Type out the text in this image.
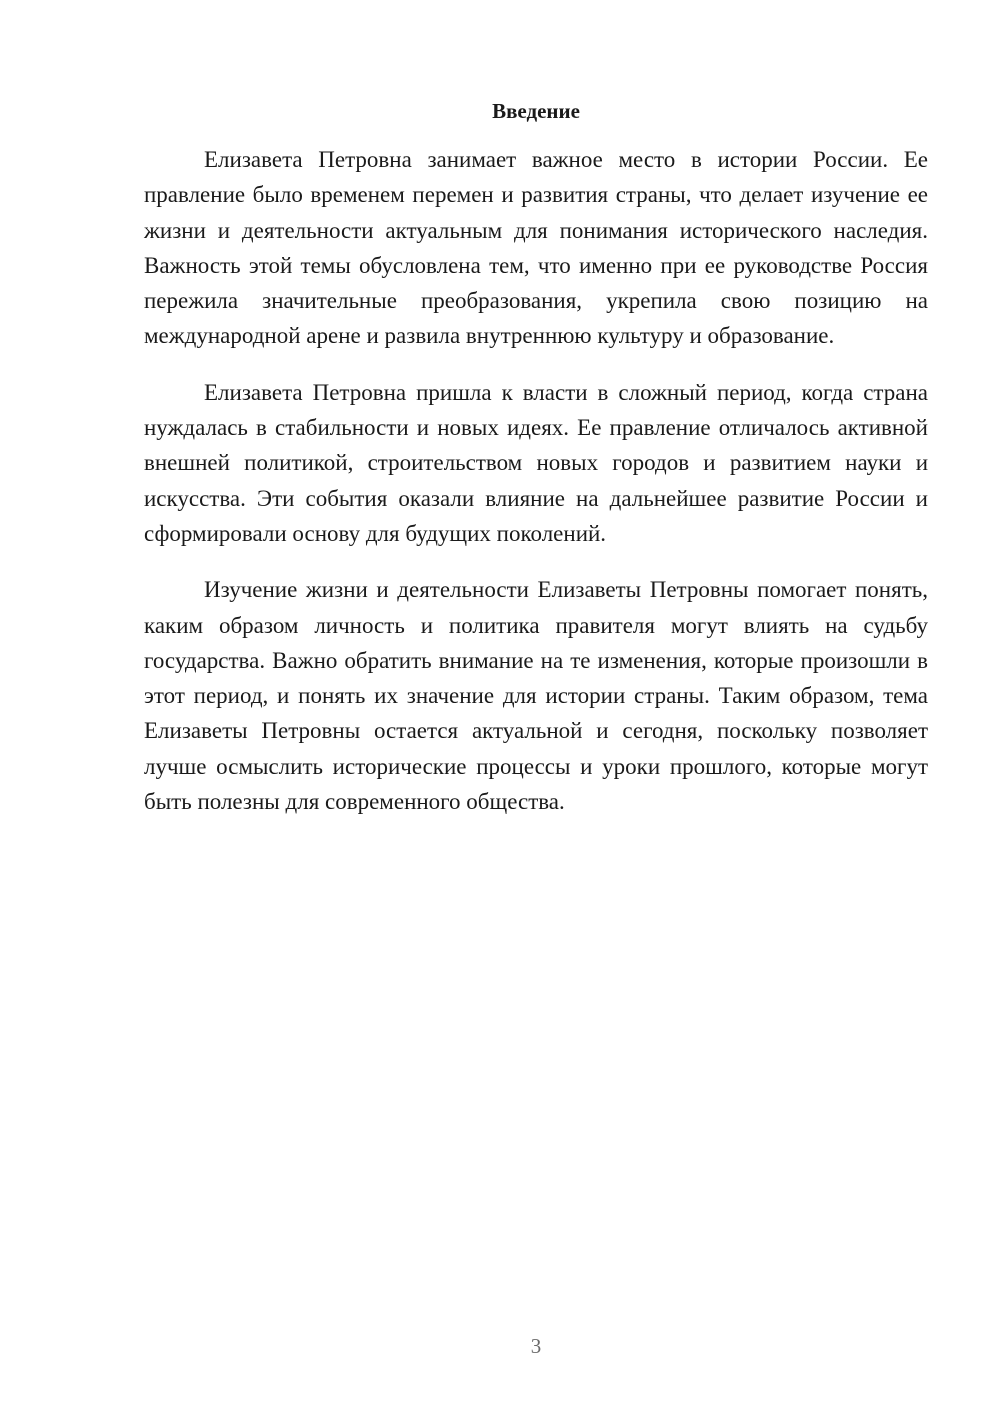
Введение

Елизавета Петровна занимает важное место в истории России. Ее правление было временем перемен и развития страны, что делает изучение ее жизни и деятельности актуальным для понимания исторического наследия. Важность этой темы обусловлена тем, что именно при ее руководстве Россия пережила значительные преобразования, укрепила свою позицию на международной арене и развила внутреннюю культуру и образование.

Елизавета Петровна пришла к власти в сложный период, когда страна нуждалась в стабильности и новых идеях. Ее правление отличалось активной внешней политикой, строительством новых городов и развитием науки и искусства. Эти события оказали влияние на дальнейшее развитие России и сформировали основу для будущих поколений.

Изучение жизни и деятельности Елизаветы Петровны помогает понять, каким образом личность и политика правителя могут влиять на судьбу государства. Важно обратить внимание на те изменения, которые произошли в этот период, и понять их значение для истории страны. Таким образом, тема Елизаветы Петровны остается актуальной и сегодня, поскольку позволяет лучше осмыслить исторические процессы и уроки прошлого, которые могут быть полезны для современного общества.

3
